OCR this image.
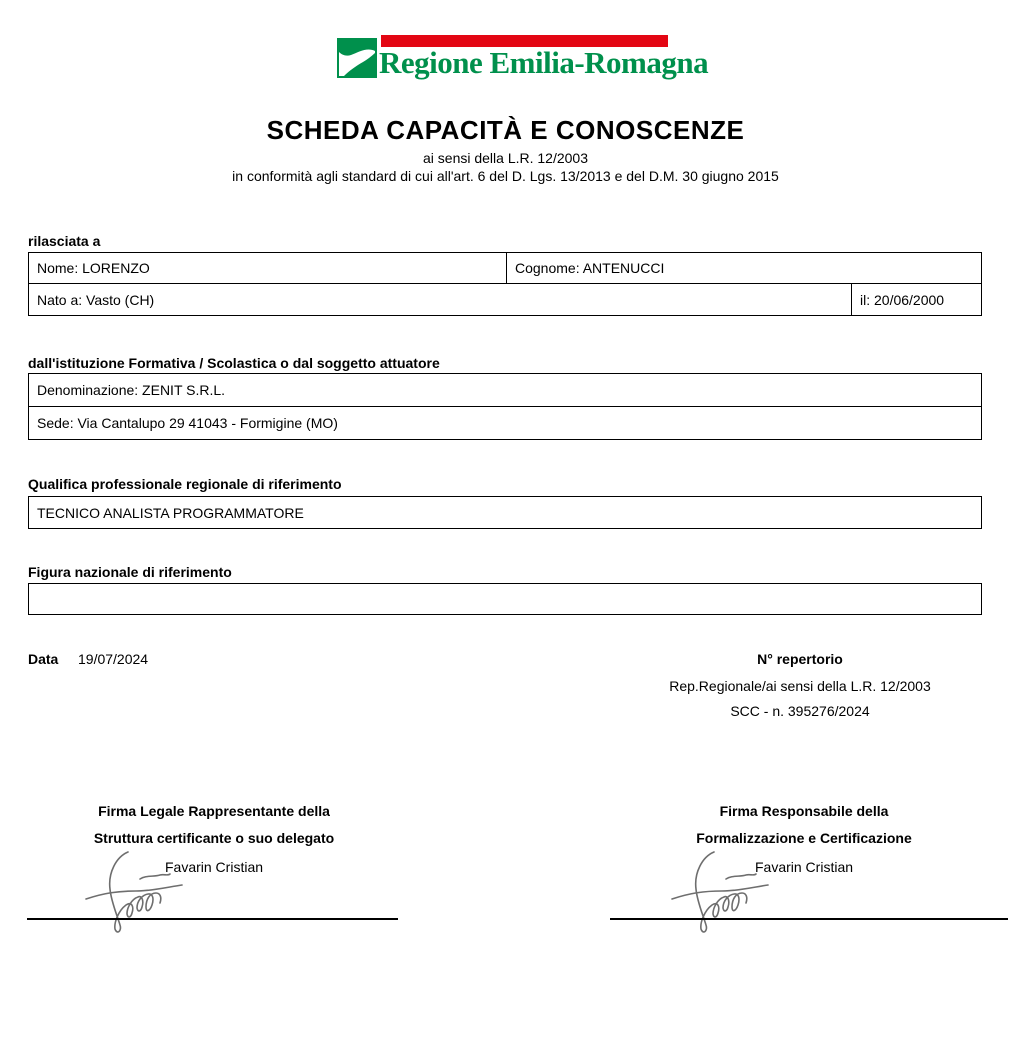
Regione Emilia-Romagna
SCHEDA CAPACITÀ E CONOSCENZE
ai sensi della L.R. 12/2003
in conformità agli standard di cui all'art. 6 del D. Lgs. 13/2013 e del D.M. 30 giugno 2015
rilasciata a
Nome: LORENZO	Cognome: ANTENUCCI
Nato a: Vasto (CH)	il: 20/06/2000
dall'istituzione Formativa / Scolastica o dal soggetto attuatore
Denominazione: ZENIT S.R.L.
Sede: Via Cantalupo 29 41043 - Formigine (MO)
Qualifica professionale regionale di riferimento
TECNICO ANALISTA PROGRAMMATORE
Figura nazionale di riferimento
Data 19/07/2024	N° repertorio
Rep.Regionale/ai sensi della L.R. 12/2003
SCC - n. 395276/2024
Firma Legale Rappresentante della
Struttura certificante o suo delegato
Favarin Cristian
Firma Responsabile della
Formalizzazione e Certificazione
Favarin Cristian
